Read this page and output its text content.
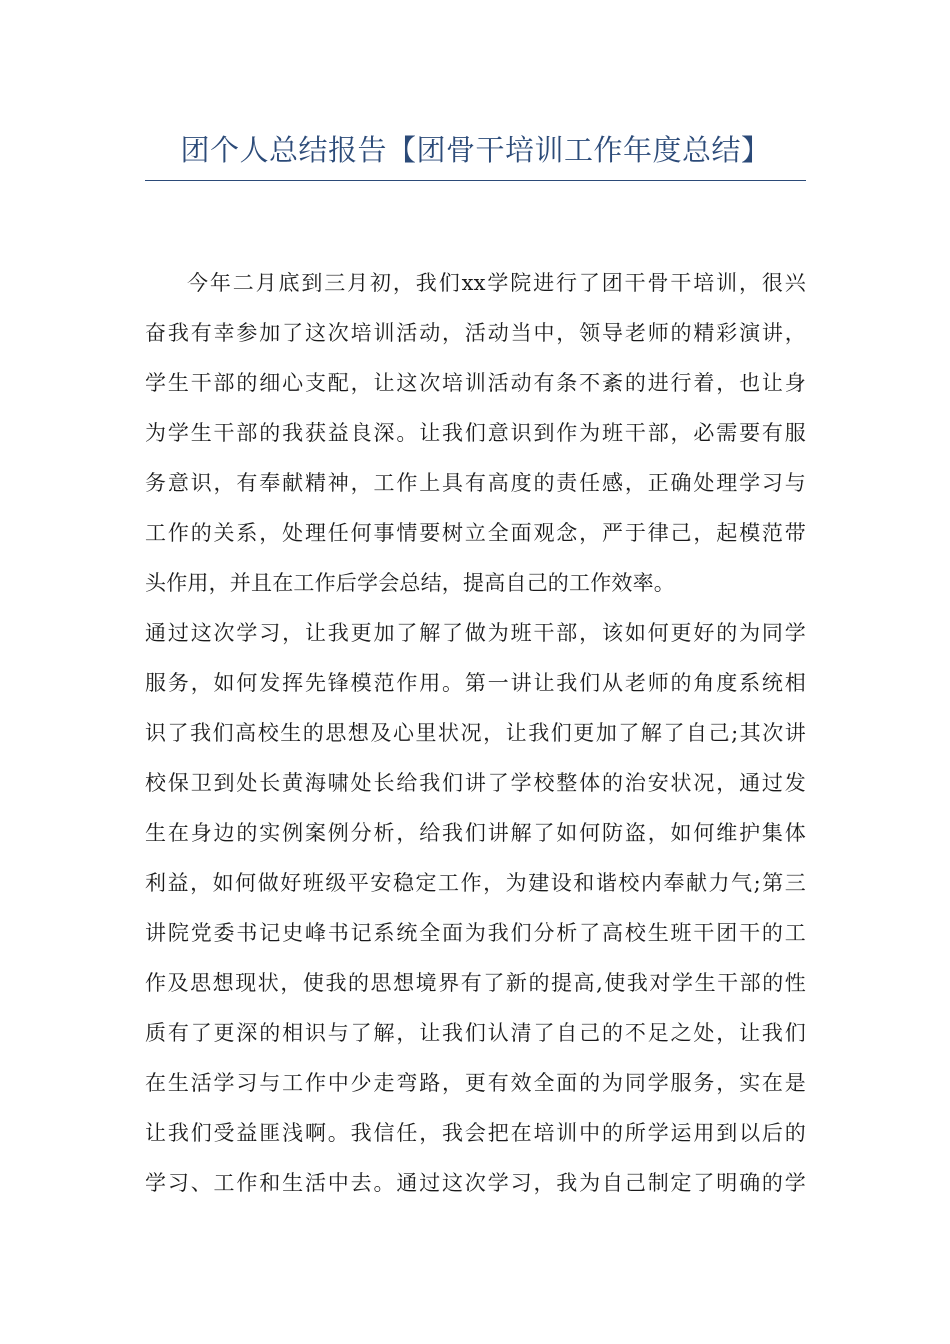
团个人总结报告【团骨干培训工作年度总结】
今年二月底到三月初，我们xx学院进行了团干骨干培训，很兴
奋我有幸参加了这次培训活动，活动当中，领导老师的精彩演讲，
学生干部的细心支配，让这次培训活动有条不紊的进行着，也让身
为学生干部的我获益良深。让我们意识到作为班干部，必需要有服
务意识，有奉献精神，工作上具有高度的责任感，正确处理学习与
工作的关系，处理任何事情要树立全面观念，严于律己，起模范带
头作用，并且在工作后学会总结，提高自己的工作效率。
通过这次学习，让我更加了解了做为班干部，该如何更好的为同学
服务，如何发挥先锋模范作用。第一讲让我们从老师的角度系统相
识了我们高校生的思想及心里状况，让我们更加了解了自己;其次讲
校保卫到处长黄海啸处长给我们讲了学校整体的治安状况，通过发
生在身边的实例案例分析，给我们讲解了如何防盗，如何维护集体
利益，如何做好班级平安稳定工作，为建设和谐校内奉献力气;第三
讲院党委书记史峰书记系统全面为我们分析了高校生班干团干的工
作及思想现状，使我的思想境界有了新的提高,使我对学生干部的性
质有了更深的相识与了解，让我们认清了自己的不足之处，让我们
在生活学习与工作中少走弯路，更有效全面的为同学服务，实在是
让我们受益匪浅啊。我信任，我会把在培训中的所学运用到以后的
学习、工作和生活中去。通过这次学习，我为自己制定了明确的学
